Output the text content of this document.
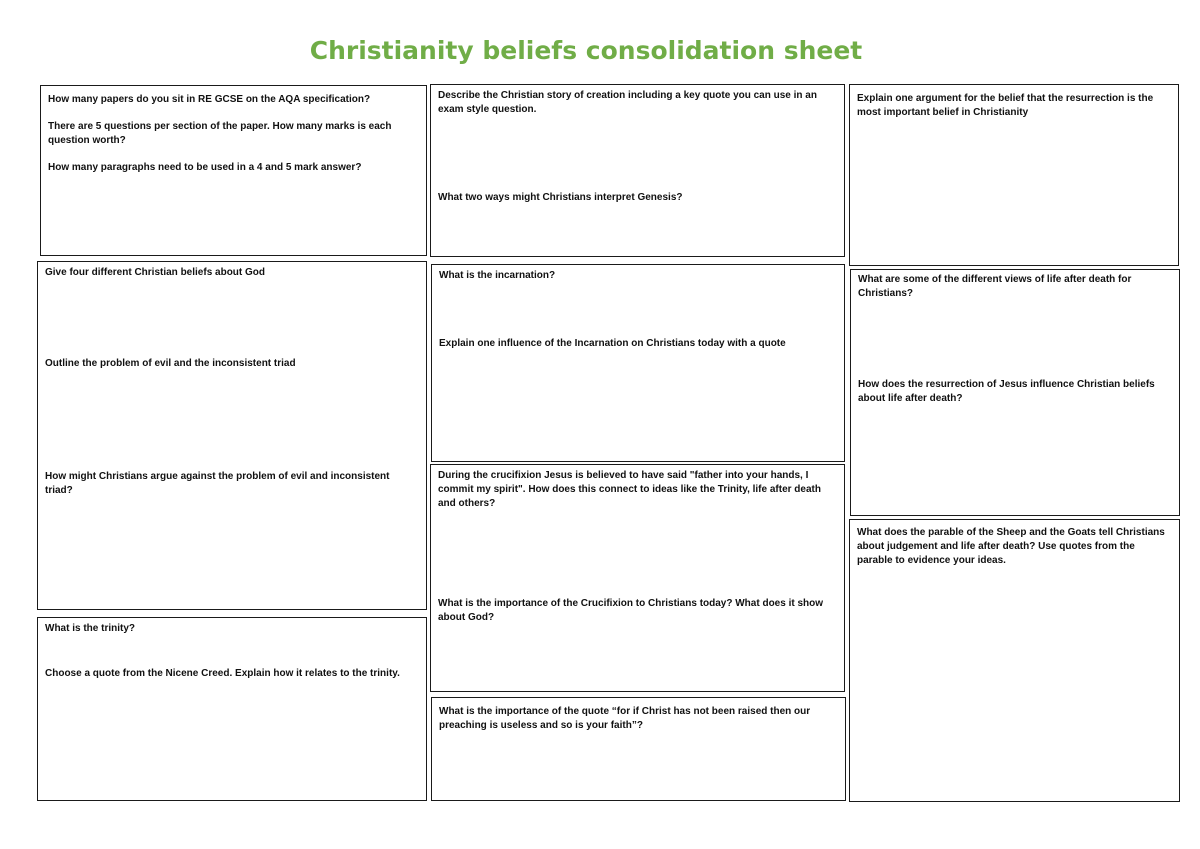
Christianity beliefs consolidation sheet

How many papers do you sit in RE GCSE on the AQA specification?

There are 5 questions per section of the paper. How many marks is each question worth?

How many paragraphs need to be used in a 4 and 5 mark answer?

Give four different Christian beliefs about God

Outline the problem of evil and the inconsistent triad

How might Christians argue against the problem of evil and inconsistent triad?

What is the trinity?

Choose a quote from the Nicene Creed. Explain how it relates to the trinity.

Describe the Christian story of creation including a key quote you can use in an exam style question.

What two ways might Christians interpret Genesis?

What is the incarnation?

Explain one influence of the Incarnation on Christians today with a quote

During the crucifixion Jesus is believed to have said "father into your hands, I commit my spirit". How does this connect to ideas like the Trinity, life after death and others?

What is the importance of the Crucifixion to Christians today? What does it show about God?

What is the importance of the quote “for if Christ has not been raised then our preaching is useless and so is your faith”?

Explain one argument for the belief that the resurrection is the most important belief in Christianity

What are some of the different views of life after death for Christians?

How does the resurrection of Jesus influence Christian beliefs about life after death?

What does the parable of the Sheep and the Goats tell Christians about judgement and life after death? Use quotes from the parable to evidence your ideas.
